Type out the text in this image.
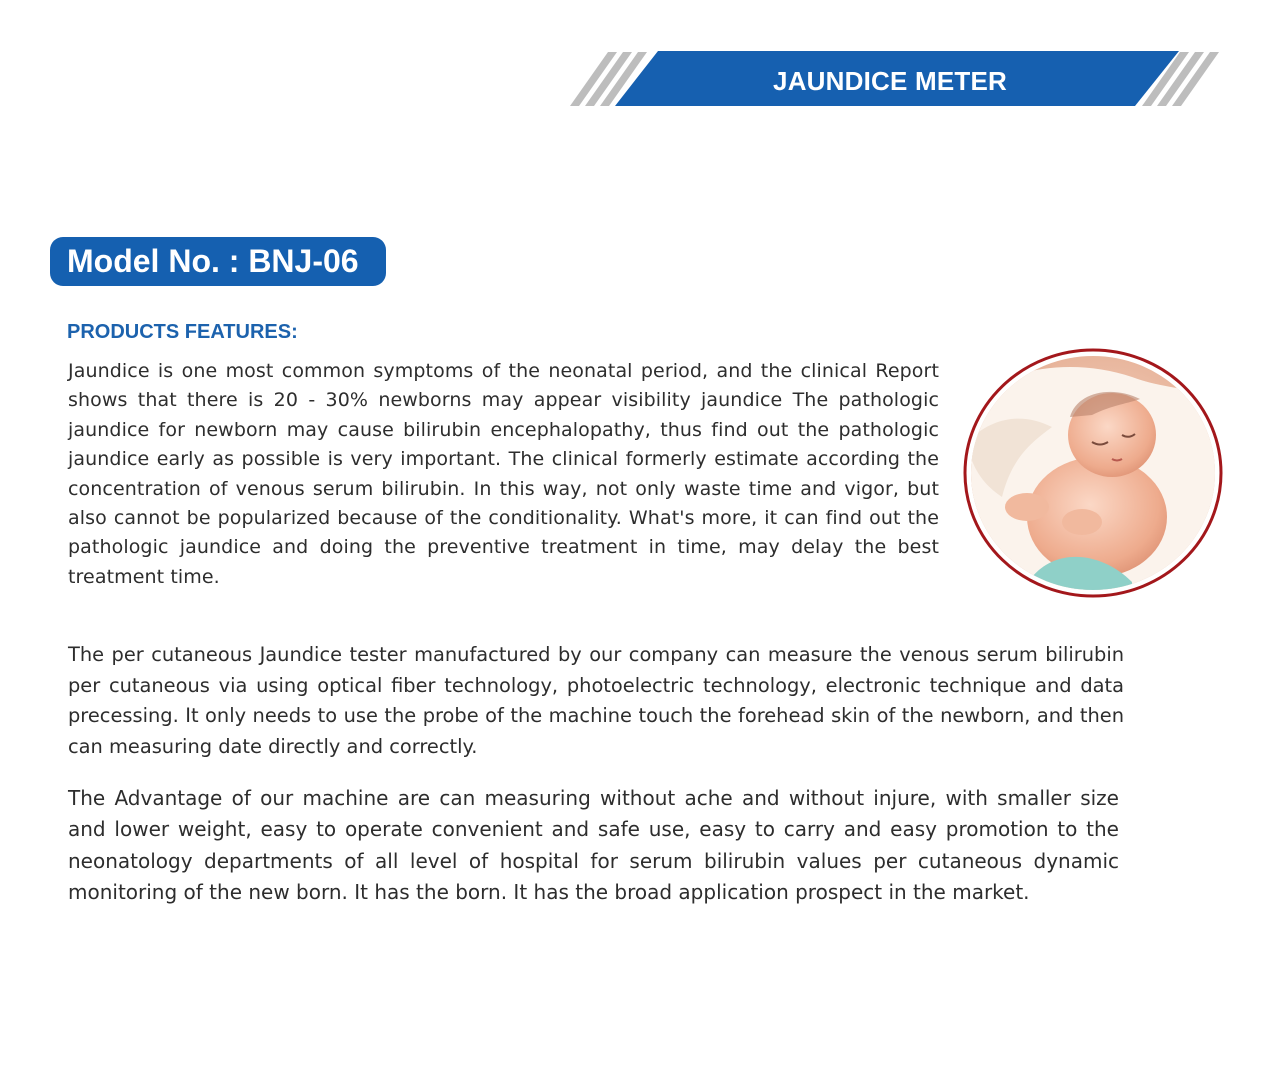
JAUNDICE METER
Model No. : BNJ-06
PRODUCTS FEATURES:

Jaundice is one most common symptoms of the neonatal period, and the clinical Report shows that there is 20 - 30% newborns may appear visibility jaundice The pathologic jaundice for newborn may cause bilirubin encephalopathy, thus find out the pathologic jaundice early as possible is very important. The clinical formerly estimate according the concentration of venous serum bilirubin. In this way, not only waste time and vigor, but also cannot be popularized because of the conditionality. What's more, it can find out the pathologic jaundice and doing the preventive treatment in time, may delay the best treatment time.

The per cutaneous Jaundice tester manufactured by our company can measure the venous serum bilirubin per cutaneous via using optical fiber technology, photoelectric technology, electronic technique and data precessing. It only needs to use the probe of the machine touch the forehead skin of the newborn, and then can measuring date directly and correctly.

The Advantage of our machine are can measuring without ache and without injure, with smaller size and lower weight, easy to operate convenient and safe use, easy to carry and easy promotion to the neonatology departments of all level of hospital for serum bilirubin values per cutaneous dynamic monitoring of the new born. It has the born. It has the broad application prospect in the market.
